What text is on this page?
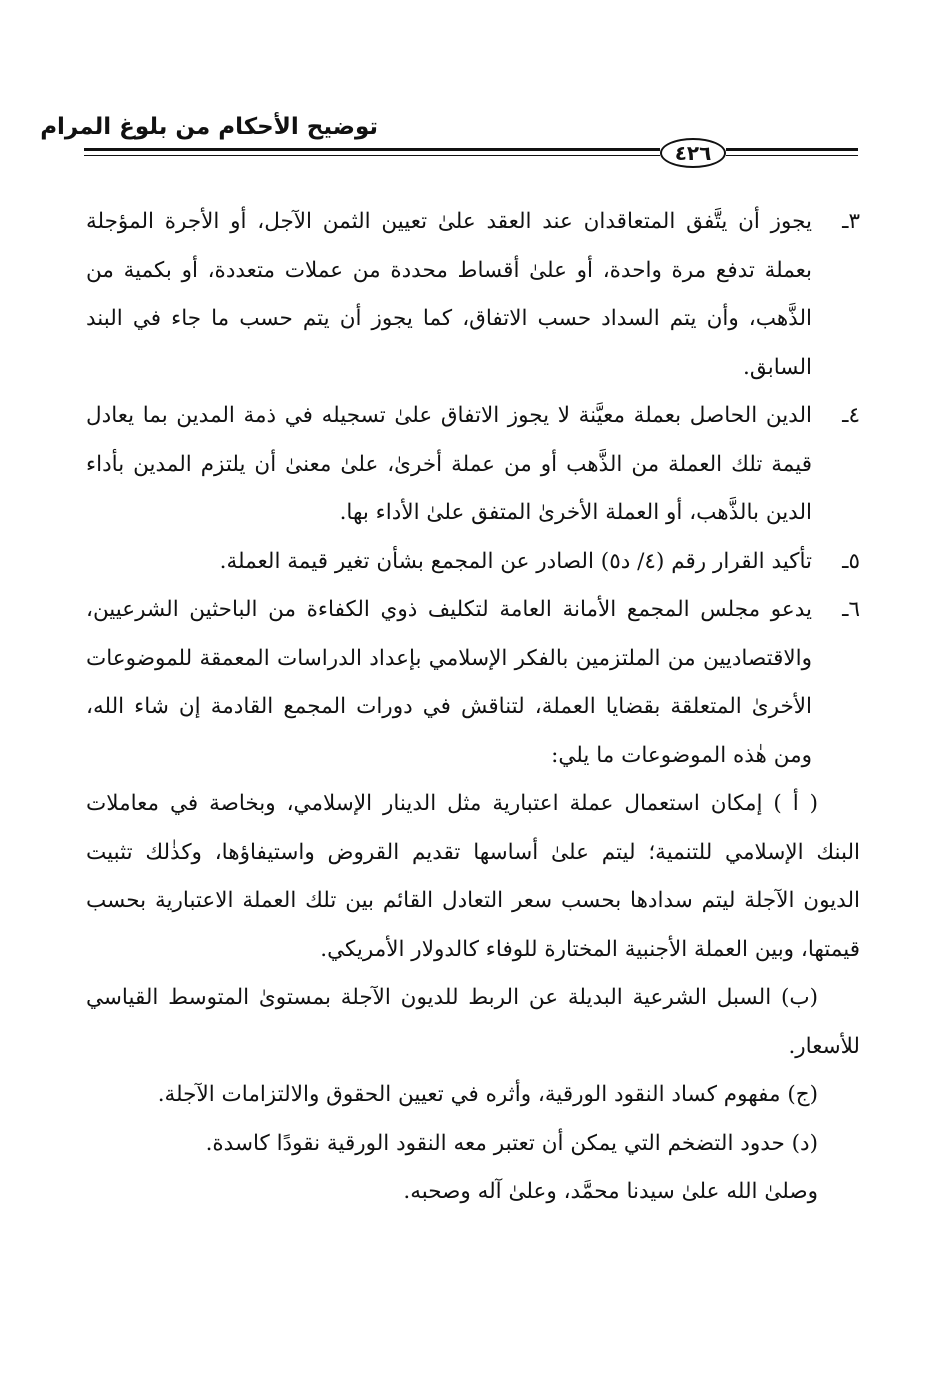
توضيح الأحكام من بلوغ المرام
٤٢٦
٣ـ
يجوز أن يتَّفق المتعاقدان عند العقد علىٰ تعيين الثمن الآجل، أو الأجرة المؤجلة بعملة تدفع مرة واحدة، أو علىٰ أقساط محددة من عملات متعددة، أو بكمية من الذَّهب، وأن يتم السداد حسب الاتفاق، كما يجوز أن يتم حسب ما جاء في البند السابق.
٤ـ
الدين الحاصل بعملة معيَّنة لا يجوز الاتفاق علىٰ تسجيله في ذمة المدين بما يعادل قيمة تلك العملة من الذَّهب أو من عملة أخرىٰ، علىٰ معنىٰ أن يلتزم المدين بأداء الدين بالذَّهب، أو العملة الأخرىٰ المتفق علىٰ الأداء بها.
٥ـ
تأكيد القرار رقم (٤/ د٥) الصادر عن المجمع بشأن تغير قيمة العملة.
٦ـ
يدعو مجلس المجمع الأمانة العامة لتكليف ذوي الكفاءة من الباحثين الشرعيين، والاقتصاديين من الملتزمين بالفكر الإسلامي بإعداد الدراسات المعمقة للموضوعات الأخرىٰ المتعلقة بقضايا العملة، لتناقش في دورات المجمع القادمة إن شاء الله، ومن هٰذه الموضوعات ما يلي:

( أ ) إمكان استعمال عملة اعتبارية مثل الدينار الإسلامي، وبخاصة في معاملات البنك الإسلامي للتنمية؛ ليتم علىٰ أساسها تقديم القروض واستيفاؤها، وكذٰلك تثبيت الديون الآجلة ليتم سدادها بحسب سعر التعادل القائم بين تلك العملة الاعتبارية بحسب قيمتها، وبين العملة الأجنبية المختارة للوفاء كالدولار الأمريكي.

(ب) السبل الشرعية البديلة عن الربط للديون الآجلة بمستوىٰ المتوسط القياسي للأسعار.

(ج) مفهوم كساد النقود الورقية، وأثره في تعيين الحقوق والالتزامات الآجلة.

(د) حدود التضخم التي يمكن أن تعتبر معه النقود الورقية نقودًا كاسدة.

وصلىٰ الله علىٰ سيدنا محمَّد، وعلىٰ آله وصحبه.
